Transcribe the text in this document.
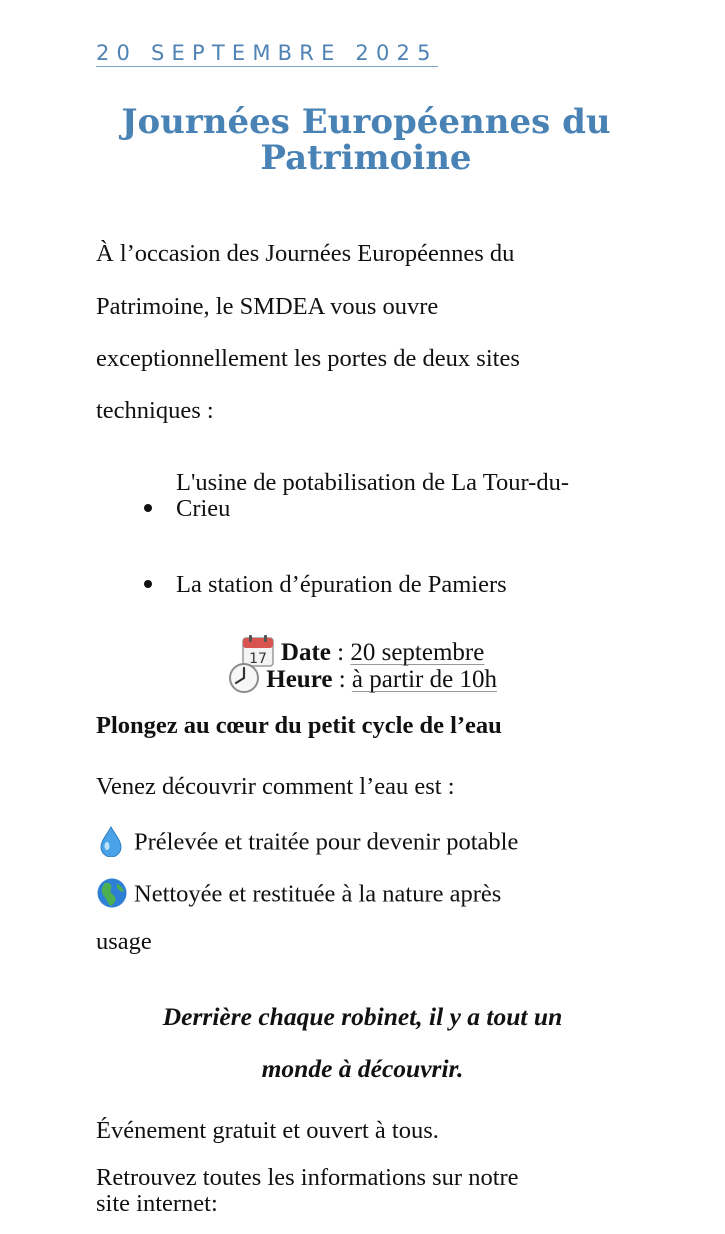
20 SEPTEMBRE 2025
Journées Européennes du
Patrimoine
À l’occasion des Journées Européennes du
Patrimoine, le SMDEA vous ouvre
exceptionnellement les portes de deux sites
techniques :
L'usine de potabilisation de La Tour-du-
Crieu
La station d’épuration de Pamiers
17 Date : 20 septembre
Heure : à partir de 10h
Plongez au cœur du petit cycle de l’eau
Venez découvrir comment l’eau est :
Prélevée et traitée pour devenir potable
Nettoyée et restituée à la nature après
usage
Derrière chaque robinet, il y a tout un
monde à découvrir.
Événement gratuit et ouvert à tous.
Retrouvez toutes les informations sur notre
site internet:
